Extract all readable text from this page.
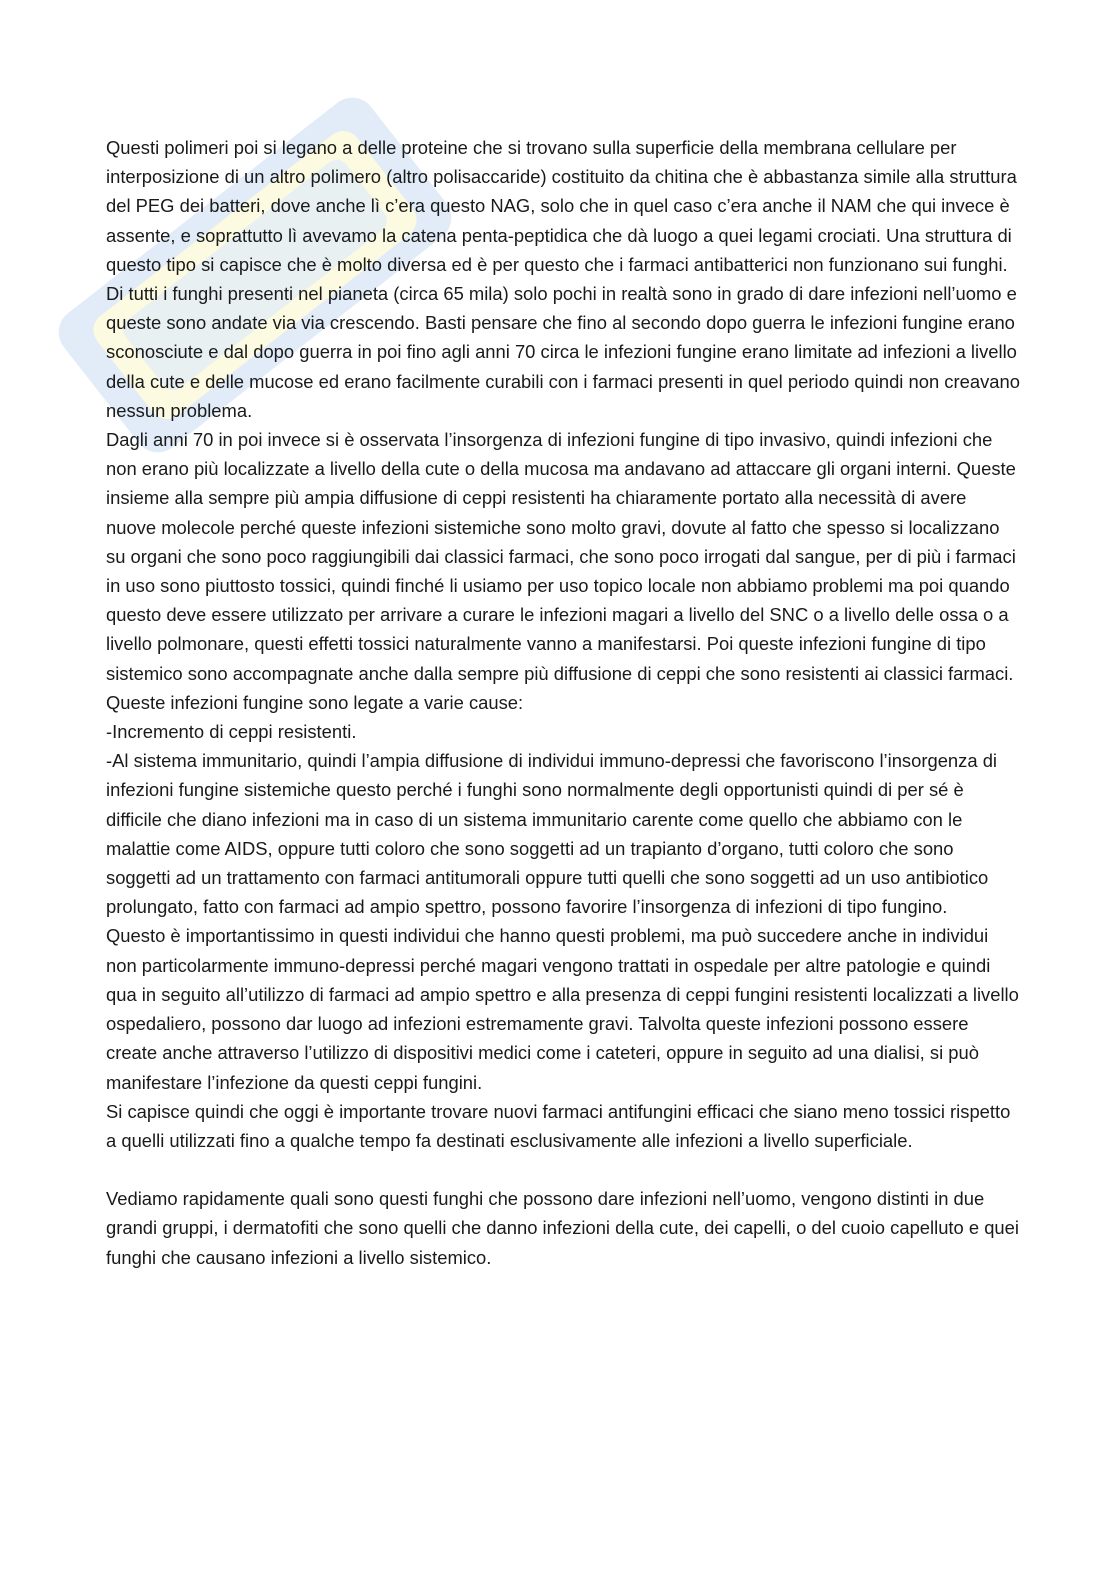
Questi polimeri poi si legano a delle proteine che si trovano sulla superficie della membrana cellulare per interposizione di un altro polimero (altro polisaccaride) costituito da chitina che è abbastanza simile alla struttura del PEG dei batteri, dove anche lì c’era questo NAG, solo che in quel caso c’era anche il NAM che qui invece è assente, e soprattutto lì avevamo la catena penta-peptidica che dà luogo a quei legami crociati. Una struttura di questo tipo si capisce che è molto diversa ed è per questo che i farmaci antibatterici non funzionano sui funghi.

Di tutti i funghi presenti nel pianeta (circa 65 mila) solo pochi in realtà sono in grado di dare infezioni nell’uomo e queste sono andate via via crescendo. Basti pensare che fino al secondo dopo guerra le infezioni fungine erano sconosciute e dal dopo guerra in poi fino agli anni 70 circa le infezioni fungine erano limitate ad infezioni a livello della cute e delle mucose ed erano facilmente curabili con i farmaci presenti in quel periodo quindi non creavano nessun problema.

Dagli anni 70 in poi invece si è osservata l’insorgenza di infezioni fungine di tipo invasivo, quindi infezioni che non erano più localizzate a livello della cute o della mucosa ma andavano ad attaccare gli organi interni. Queste insieme alla sempre più ampia diffusione di ceppi resistenti ha chiaramente portato alla necessità di avere nuove molecole perché queste infezioni sistemiche sono molto gravi, dovute al fatto che spesso si localizzano su organi che sono poco raggiungibili dai classici farmaci, che sono poco irrogati dal sangue, per di più i farmaci in uso sono piuttosto tossici, quindi finché li usiamo per uso topico locale non abbiamo problemi ma poi quando questo deve essere utilizzato per arrivare a curare le infezioni magari a livello del SNC o a livello delle ossa o a livello polmonare, questi effetti tossici naturalmente vanno a manifestarsi. Poi queste infezioni fungine di tipo sistemico sono accompagnate anche dalla sempre più diffusione di ceppi che sono resistenti ai classici farmaci. Queste infezioni fungine sono legate a varie cause:

-Incremento di ceppi resistenti.

-Al sistema immunitario, quindi l’ampia diffusione di individui immuno-depressi che favoriscono l’insorgenza di infezioni fungine sistemiche questo perché i funghi sono normalmente degli opportunisti quindi di per sé è difficile che diano infezioni ma in caso di un sistema immunitario carente come quello che abbiamo con le malattie come AIDS, oppure tutti coloro che sono soggetti ad un trapianto d’organo, tutti coloro che sono soggetti ad un trattamento con farmaci antitumorali oppure tutti quelli che sono soggetti ad un uso antibiotico prolungato, fatto con farmaci ad ampio spettro, possono favorire l’insorgenza di infezioni di tipo fungino.

Questo è importantissimo in questi individui che hanno questi problemi, ma può succedere anche in individui non particolarmente immuno-depressi perché magari vengono trattati in ospedale per altre patologie e quindi qua in seguito all’utilizzo di farmaci ad ampio spettro e alla presenza di ceppi fungini resistenti localizzati a livello ospedaliero, possono dar luogo ad infezioni estremamente gravi. Talvolta queste infezioni possono essere create anche attraverso l’utilizzo di dispositivi medici come i cateteri, oppure in seguito ad una dialisi, si può manifestare l’infezione da questi ceppi fungini.

Si capisce quindi che oggi è importante trovare nuovi farmaci antifungini efficaci che siano meno tossici rispetto a quelli utilizzati fino a qualche tempo fa destinati esclusivamente alle infezioni a livello superficiale.

Vediamo rapidamente quali sono questi funghi che possono dare infezioni nell’uomo, vengono distinti in due grandi gruppi, i dermatofiti che sono quelli che danno infezioni della cute, dei capelli, o del cuoio capelluto e quei funghi che causano infezioni a livello sistemico.
